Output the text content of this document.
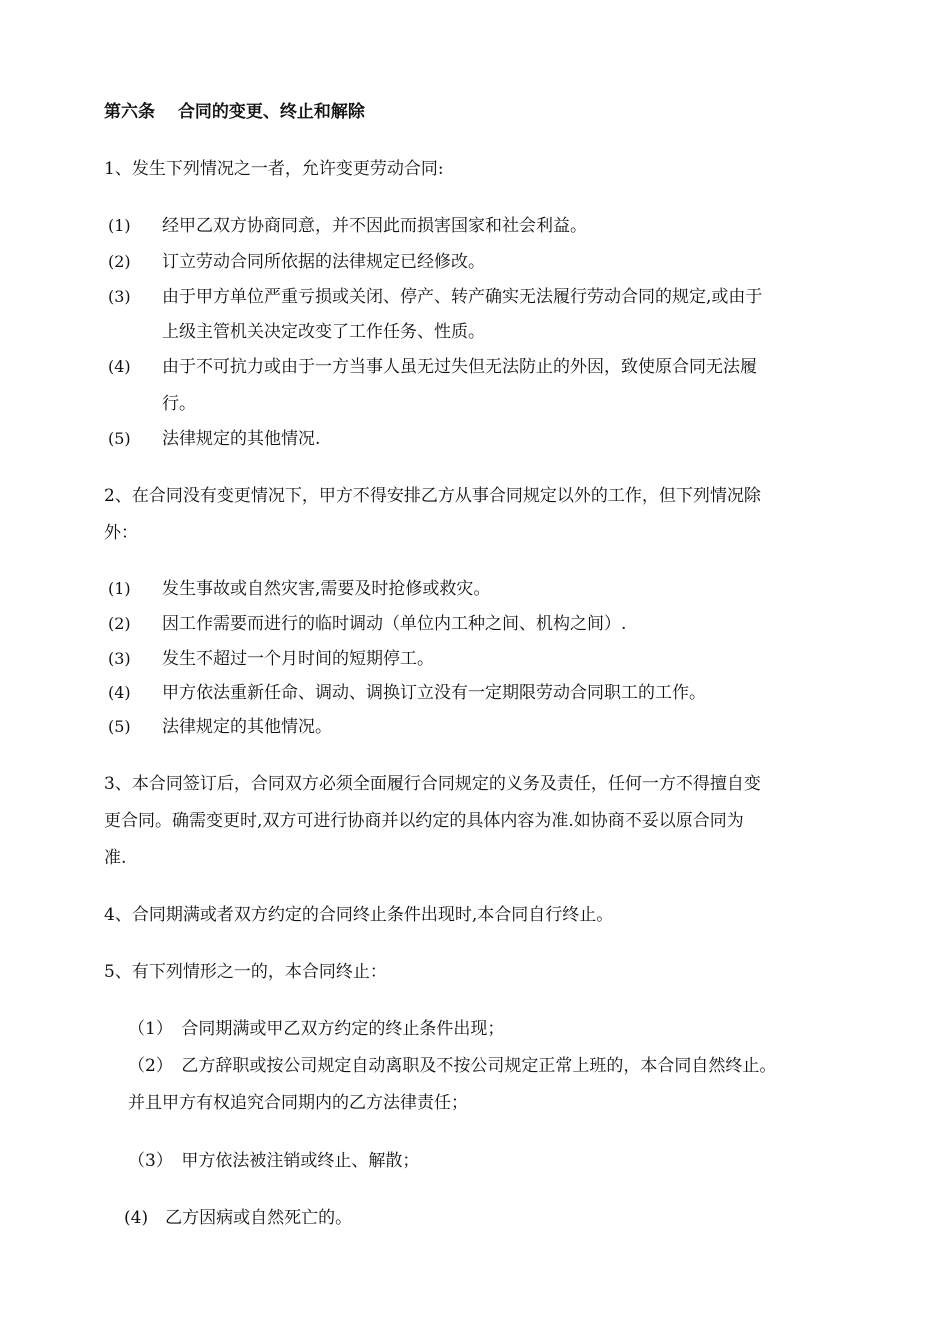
第六条　 合同的变更、终止和解除
1、发生下列情况之一者，允许变更劳动合同:
(1) 经甲乙双方协商同意，并不因此而损害国家和社会利益。
(2) 订立劳动合同所依据的法律规定已经修改。
(3) 由于甲方单位严重亏损或关闭、停产、转产确实无法履行劳动合同的规定,或由于
上级主管机关决定改变了工作任务、性质。
(4) 由于不可抗力或由于一方当事人虽无过失但无法防止的外因，致使原合同无法履
行。
(5) 法律规定的其他情况.
2、在合同没有变更情况下，甲方不得安排乙方从事合同规定以外的工作，但下列情况除
外：
(1) 发生事故或自然灾害,需要及时抢修或救灾。
(2) 因工作需要而进行的临时调动（单位内工种之间、机构之间）.
(3) 发生不超过一个月时间的短期停工。
(4) 甲方依法重新任命、调动、调换订立没有一定期限劳动合同职工的工作。
(5) 法律规定的其他情况。
3、本合同签订后，合同双方必须全面履行合同规定的义务及责任，任何一方不得擅自变
更合同。确需变更时,双方可进行协商并以约定的具体内容为准.如协商不妥以原合同为
准.
4、合同期满或者双方约定的合同终止条件出现时,本合同自行终止。
5、有下列情形之一的，本合同终止：
（1）　合同期满或甲乙双方约定的终止条件出现；
（2）　乙方辞职或按公司规定自动离职及不按公司规定正常上班的，本合同自然终止。
并且甲方有权追究合同期内的乙方法律责任；
（3）　甲方依法被注销或终止、解散；
(4)　乙方因病或自然死亡的。
